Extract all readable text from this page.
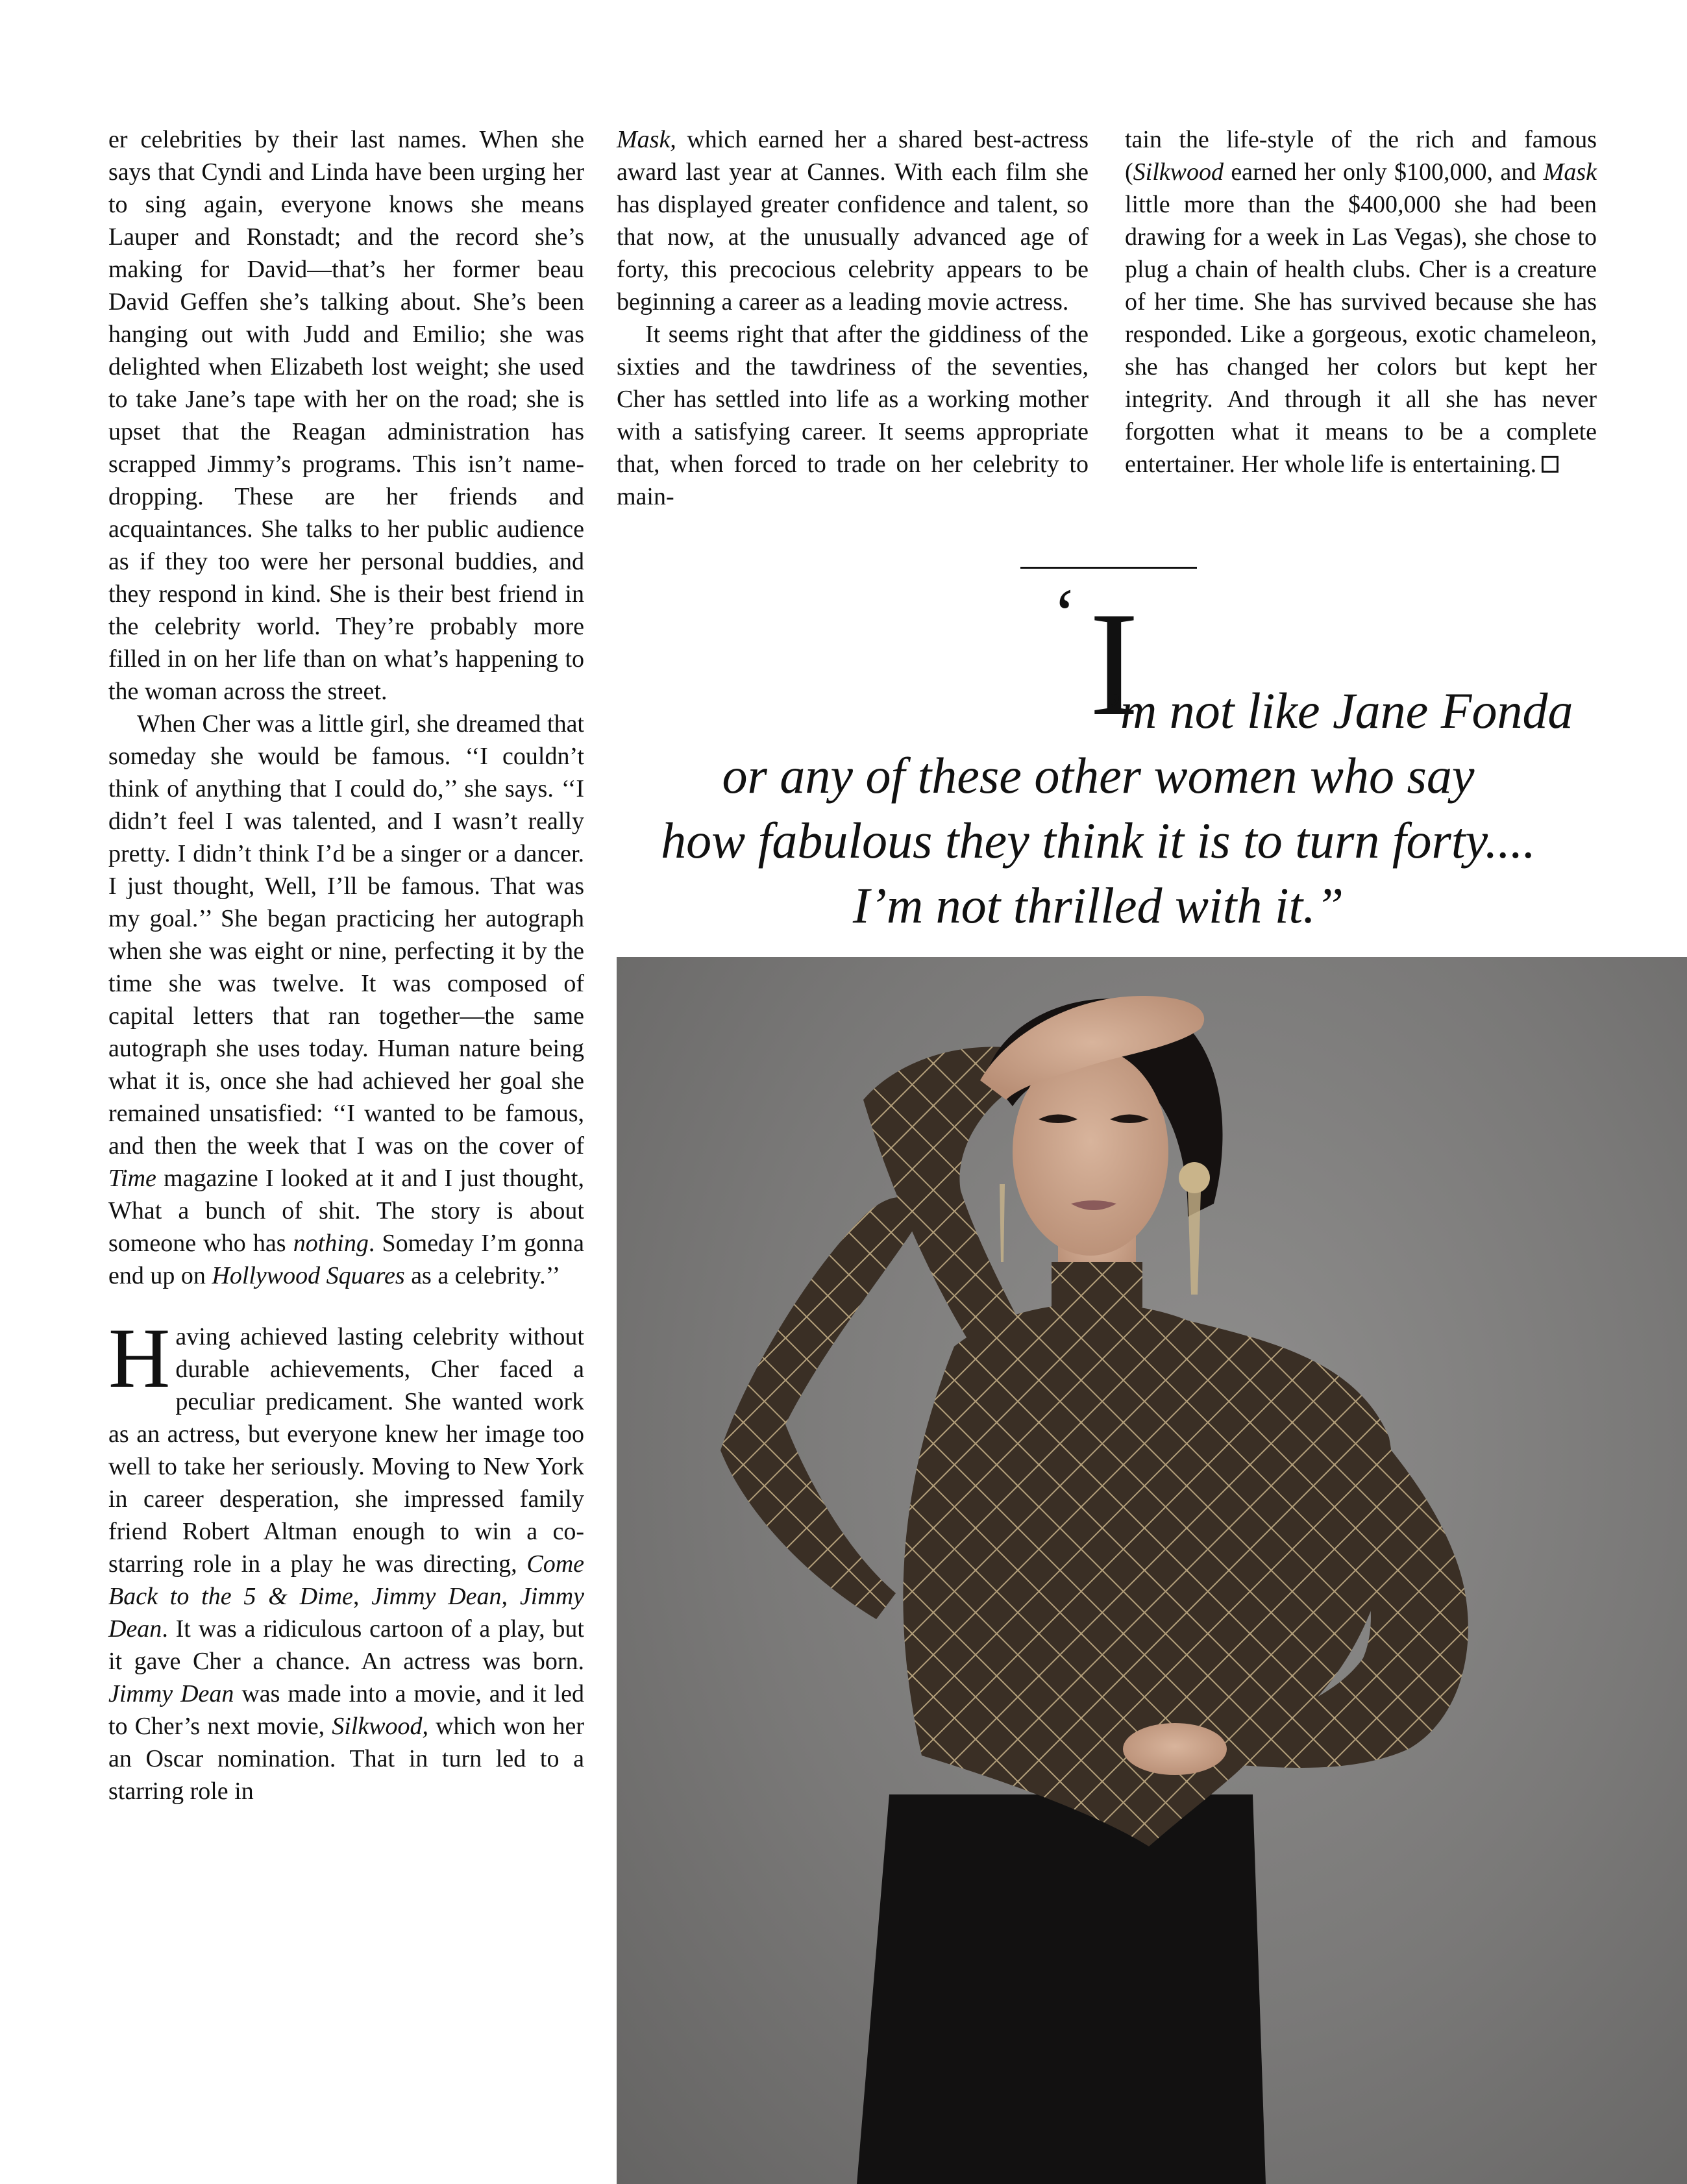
er celebrities by their last names. When she says that Cyndi and Linda have been urging her to sing again, everyone knows she means Lauper and Ronstadt; and the record she’s making for David—that’s her former beau David Geffen she’s talking about. She’s been hanging out with Judd and Emilio; she was delighted when Elizabeth lost weight; she used to take Jane’s tape with her on the road; she is upset that the Reagan administration has scrapped Jimmy’s programs. This isn’t name-dropping. These are her friends and acquaintances. She talks to her public audience as if they too were her personal buddies, and they respond in kind. She is their best friend in the celebrity world. They’re probably more filled in on her life than on what’s happening to the woman across the street.

When Cher was a little girl, she dreamed that someday she would be famous. ‘‘I couldn’t think of anything that I could do,’’ she says. ‘‘I didn’t feel I was talented, and I wasn’t really pretty. I didn’t think I’d be a singer or a dancer. I just thought, Well, I’ll be famous. That was my goal.’’ She began practicing her autograph when she was eight or nine, perfecting it by the time she was twelve. It was composed of capital letters that ran together—the same autograph she uses today. Human nature being what it is, once she had achieved her goal she remained unsatisfied: ‘‘I wanted to be famous, and then the week that I was on the cover of Time magazine I looked at it and I just thought, What a bunch of shit. The story is about someone who has nothing. Someday I’m gonna end up on Hollywood Squares as a celebrity.’’

Having achieved lasting celebrity without durable achievements, Cher faced a peculiar predicament. She wanted work as an actress, but everyone knew her image too well to take her seriously. Moving to New York in career desperation, she impressed family friend Robert Altman enough to win a co-starring role in a play he was directing, Come Back to the 5 & Dime, Jimmy Dean, Jimmy Dean. It was a ridiculous cartoon of a play, but it gave Cher a chance. An actress was born. Jimmy Dean was made into a movie, and it led to Cher’s next movie, Silkwood, which won her an Oscar nomination. That in turn led to a starring role in

Mask, which earned her a shared best-actress award last year at Cannes. With each film she has displayed greater confidence and talent, so that now, at the unusually advanced age of forty, this precocious celebrity appears to be beginning a career as a leading movie actress.

It seems right that after the giddiness of the sixties and the tawdriness of the seventies, Cher has settled into life as a working mother with a satisfying career. It seems appropriate that, when forced to trade on her celebrity to main-

tain the life-style of the rich and famous (Silkwood earned her only $100,000, and Mask little more than the $400,000 she had been drawing for a week in Las Vegas), she chose to plug a chain of health clubs. Cher is a creature of her time. She has survived because she has responded. Like a gorgeous, exotic chameleon, she has changed her colors but kept her integrity. And through it all she has never forgotten what it means to be a complete entertainer. Her whole life is entertaining.

‘ I
’m not like Jane Fonda
or any of these other women who say
how fabulous they think it is to turn forty....
I’m not thrilled with it.”
